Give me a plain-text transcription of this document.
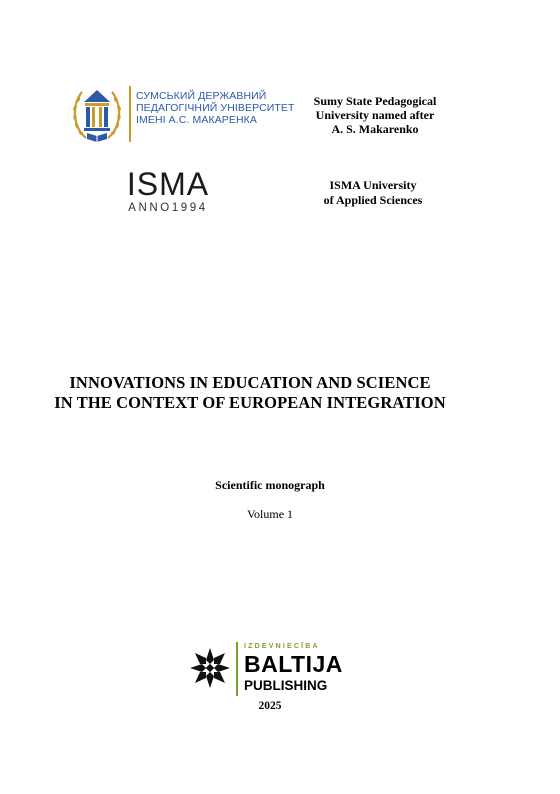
СУМСЬКИЙ ДЕРЖАВНИЙ
ПЕДАГОГІЧНИЙ УНІВЕРСИТЕТ
ІМЕНІ А.С. МАКАРЕНКА
Sumy State Pedagogical
University named after
A. S. Makarenko
ISMA
ANNO1994
ISMA University
of Applied Sciences
INNOVATIONS IN EDUCATION AND SCIENCE
IN THE CONTEXT OF EUROPEAN INTEGRATION
Scientific monograph
Volume 1
IZDEVNIECĪBA
BALTIJA
PUBLISHING
2025
